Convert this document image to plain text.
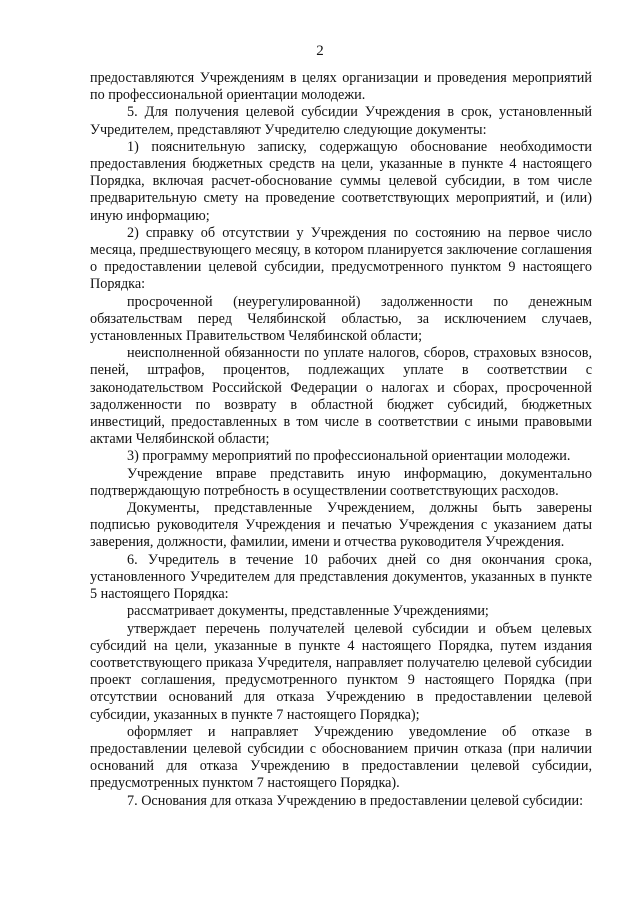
2

предоставляются Учреждениям в целях организации и проведения мероприятий по профессиональной ориентации молодежи.

5. Для получения целевой субсидии Учреждения в срок, установленный Учредителем, представляют Учредителю следующие документы:

1) пояснительную записку, содержащую обоснование необходимости предоставления бюджетных средств на цели, указанные в пункте 4 настоящего Порядка, включая расчет-обоснование суммы целевой субсидии, в том числе предварительную смету на проведение соответствующих мероприятий, и (или) иную информацию;

2) справку об отсутствии у Учреждения по состоянию на первое число месяца, предшествующего месяцу, в котором планируется заключение соглашения о предоставлении целевой субсидии, предусмотренного пунктом 9 настоящего Порядка:

просроченной (неурегулированной) задолженности по денежным обязательствам перед Челябинской областью, за исключением случаев, установленных Правительством Челябинской области;

неисполненной обязанности по уплате налогов, сборов, страховых взносов, пеней, штрафов, процентов, подлежащих уплате в соответствии с законодательством Российской Федерации о налогах и сборах, просроченной задолженности по возврату в областной бюджет субсидий, бюджетных инвестиций, предоставленных в том числе в соответствии с иными правовыми актами Челябинской области;

3) программу мероприятий по профессиональной ориентации молодежи.

Учреждение вправе представить иную информацию, документально подтверждающую потребность в осуществлении соответствующих расходов.

Документы, представленные Учреждением, должны быть заверены подписью руководителя Учреждения и печатью Учреждения с указанием даты заверения, должности, фамилии, имени и отчества руководителя Учреждения.

6. Учредитель в течение 10 рабочих дней со дня окончания срока, установленного Учредителем для представления документов, указанных в пункте 5 настоящего Порядка:

рассматривает документы, представленные Учреждениями;

утверждает перечень получателей целевой субсидии и объем целевых субсидий на цели, указанные в пункте 4 настоящего Порядка, путем издания соответствующего приказа Учредителя, направляет получателю целевой субсидии проект соглашения, предусмотренного пунктом 9 настоящего Порядка (при отсутствии оснований для отказа Учреждению в предоставлении целевой субсидии, указанных в пункте 7 настоящего Порядка);

оформляет и направляет Учреждению уведомление об отказе в предоставлении целевой субсидии с обоснованием причин отказа (при наличии оснований для отказа Учреждению в предоставлении целевой субсидии, предусмотренных пунктом 7 настоящего Порядка).

7. Основания для отказа Учреждению в предоставлении целевой субсидии:
